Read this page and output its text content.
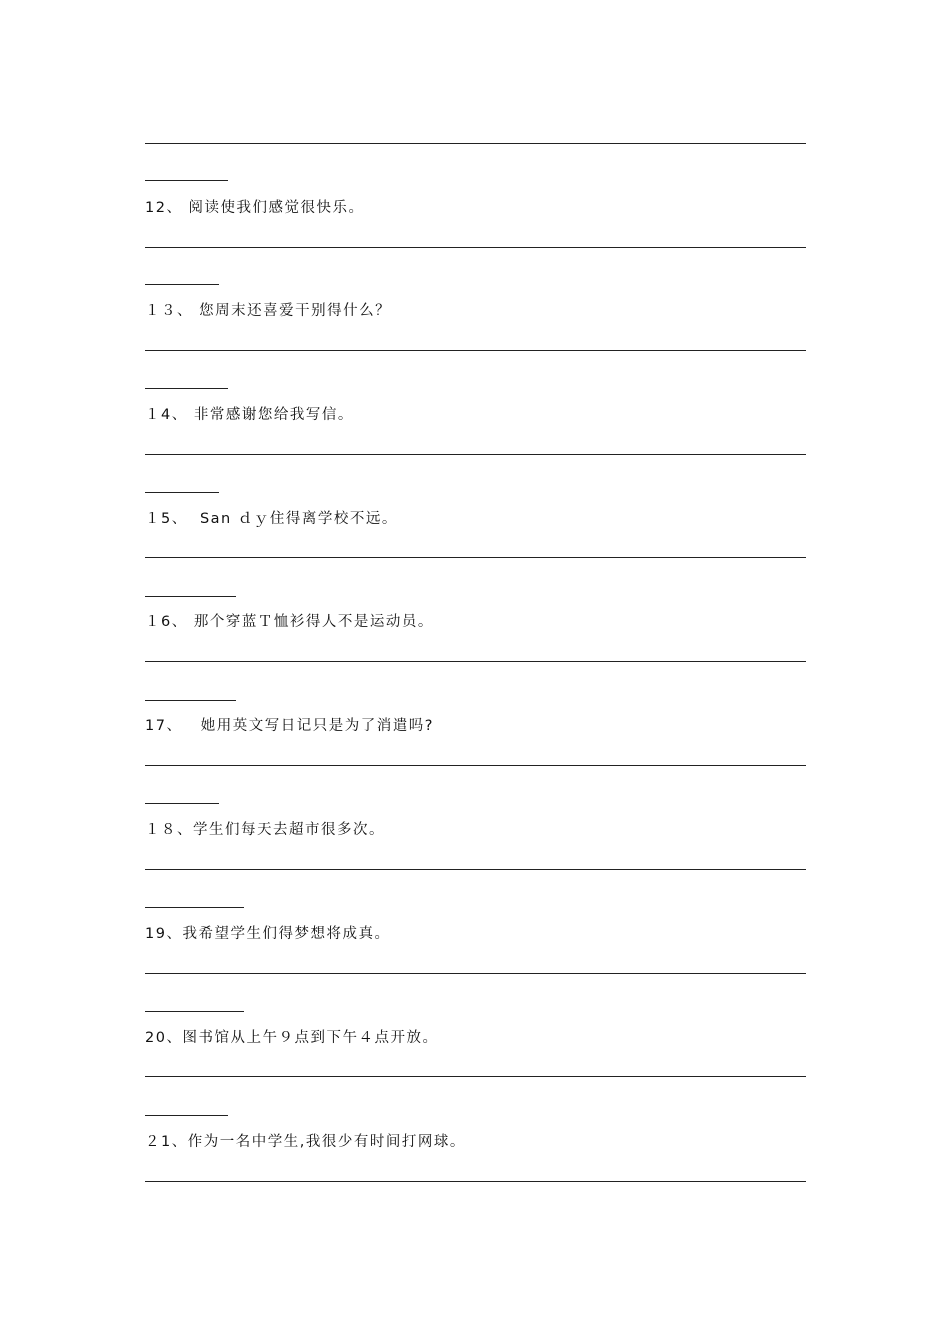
12、 阅读使我们感觉很快乐。
１３、 您周末还喜爱干别得什么？
１4、 非常感谢您给我写信。
１5、  San ｄｙ住得离学校不远。
１6、 那个穿蓝Ｔ恤衫得人不是运动员。
17、   她用英文写日记只是为了消遣吗?
１８、学生们每天去超市很多次。
19、我希望学生们得梦想将成真。
20、图书馆从上午９点到下午４点开放。
２1、作为一名中学生,我很少有时间打网球。
